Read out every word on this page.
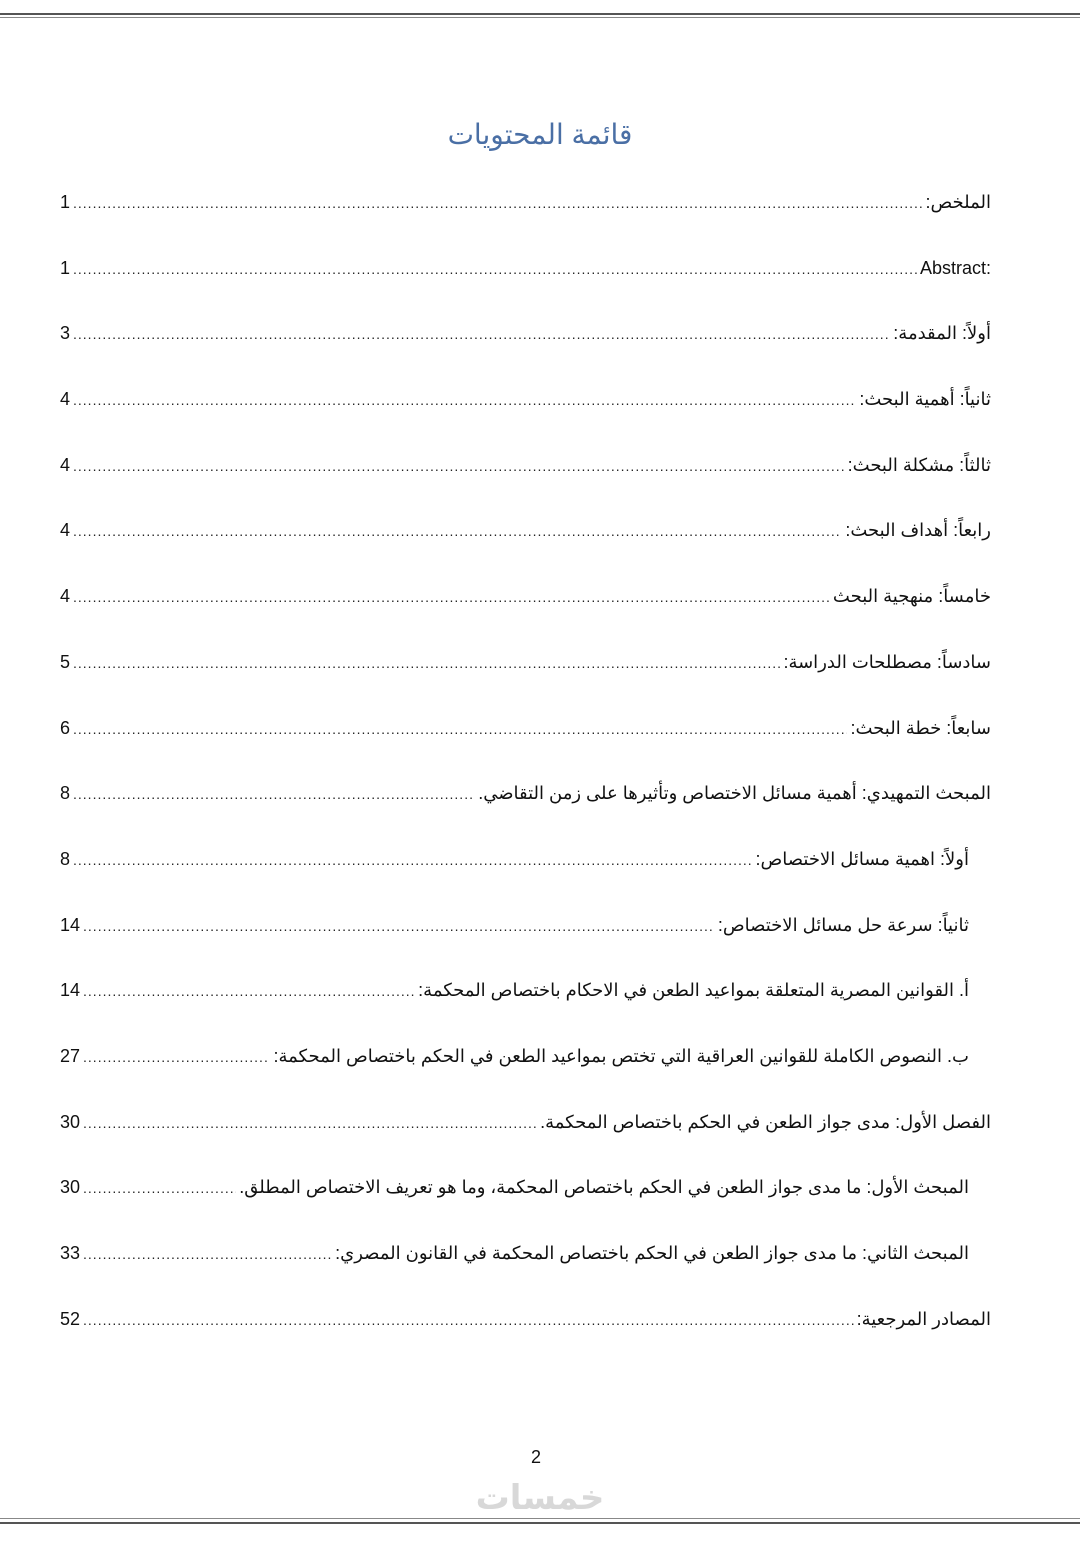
قائمة المحتويات
الملخص:
.....
1
Abstract:
.....
1
أولاً: المقدمة:
.....
3
ثانياً: أهمية البحث:
.....
4
ثالثاً: مشكلة البحث:
.....
4
رابعاً: أهداف البحث:
.....
4
خامساً: منهجية البحث
.....
4
سادساً: مصطلحات الدراسة:
.....
5
سابعاً: خطة البحث:
.....
6
المبحث التمهيدي: أهمية مسائل الاختصاص وتأثيرها على زمن التقاضي.
.....
8
أولاً: اهمية مسائل الاختصاص:
.....
8
ثانياً: سرعة حل مسائل الاختصاص:
.....
14
أ. القوانين المصرية المتعلقة بمواعيد الطعن في الاحكام باختصاص المحكمة:
.....
14
ب. النصوص الكاملة للقوانين العراقية التي تختص بمواعيد الطعن في الحكم باختصاص المحكمة:
.....
27
الفصل الأول: مدى جواز الطعن في الحكم باختصاص المحكمة.
.....
30
المبحث الأول: ما مدى جواز الطعن في الحكم باختصاص المحكمة، وما هو تعريف الاختصاص المطلق.
.....
30
المبحث الثاني: ما مدى جواز الطعن في الحكم باختصاص المحكمة في القانون المصري:
.....
33
المصادر المرجعية:
.....
52
2
خمسات
